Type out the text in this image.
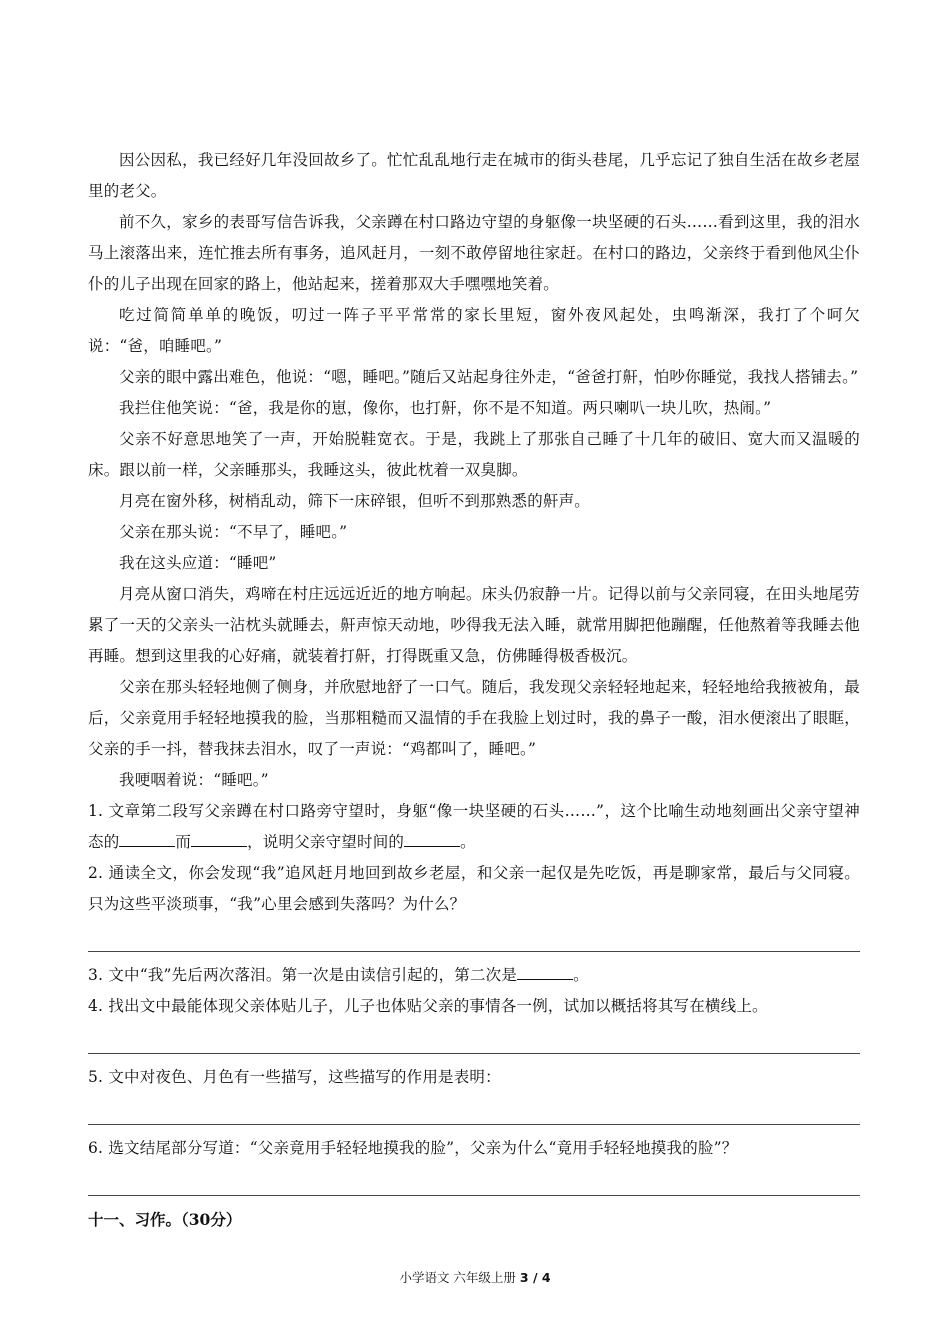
因公因私，我已经好几年没回故乡了。忙忙乱乱地行走在城市的街头巷尾，几乎忘记了独自生活在故乡老屋里的老父。

前不久，家乡的表哥写信告诉我，父亲蹲在村口路边守望的身躯像一块坚硬的石头……看到这里，我的泪水马上滚落出来，连忙推去所有事务，追风赶月，一刻不敢停留地往家赶。在村口的路边，父亲终于看到他风尘仆仆的儿子出现在回家的路上，他站起来，搓着那双大手嘿嘿地笑着。

吃过简简单单的晚饭，叨过一阵子平平常常的家长里短，窗外夜风起处，虫鸣渐深，我打了个呵欠说：“爸，咱睡吧。”

父亲的眼中露出难色，他说：“嗯，睡吧。”随后又站起身往外走，“爸爸打鼾，怕吵你睡觉，我找人搭铺去。”

我拦住他笑说：“爸，我是你的崽，像你，也打鼾，你不是不知道。两只喇叭一块儿吹，热闹。”

父亲不好意思地笑了一声，开始脱鞋宽衣。于是，我跳上了那张自己睡了十几年的破旧、宽大而又温暖的床。跟以前一样，父亲睡那头，我睡这头，彼此枕着一双臭脚。

月亮在窗外移，树梢乱动，筛下一床碎银，但听不到那熟悉的鼾声。

父亲在那头说：“不早了，睡吧。”

我在这头应道：“睡吧”

月亮从窗口消失，鸡啼在村庄远远近近的地方响起。床头仍寂静一片。记得以前与父亲同寝，在田头地尾劳累了一天的父亲头一沾枕头就睡去，鼾声惊天动地，吵得我无法入睡，就常用脚把他蹦醒，任他熬着等我睡去他再睡。想到这里我的心好痛，就装着打鼾，打得既重又急，仿佛睡得极香极沉。

父亲在那头轻轻地侧了侧身，并欣慰地舒了一口气。随后，我发现父亲轻轻地起来，轻轻地给我掖被角，最后，父亲竟用手轻轻地摸我的脸，当那粗糙而又温情的手在我脸上划过时，我的鼻子一酸，泪水便滚出了眼眶，父亲的手一抖，替我抹去泪水，叹了一声说：“鸡都叫了，睡吧。”

我哽咽着说：“睡吧。”

1. 文章第二段写父亲蹲在村口路旁守望时，身躯“像一块坚硬的石头……”，这个比喻生动地刻画出父亲守望神态的	而	，说明父亲守望时间的	。

2. 通读全文，你会发现“我”追风赶月地回到故乡老屋，和父亲一起仅是先吃饭，再是聊家常，最后与父同寝。只为这些平淡琐事，“我”心里会感到失落吗？为什么？

3. 文中“我”先后两次落泪。第一次是由读信引起的，第二次是	。

4. 找出文中最能体现父亲体贴儿子，儿子也体贴父亲的事情各一例，试加以概括将其写在横线上。

5. 文中对夜色、月色有一些描写，这些描写的作用是表明：

6. 选文结尾部分写道：“父亲竟用手轻轻地摸我的脸”，父亲为什么“竟用手轻轻地摸我的脸”？

十一、习作。（30分）

小学语文 六年级上册 3 / 4
